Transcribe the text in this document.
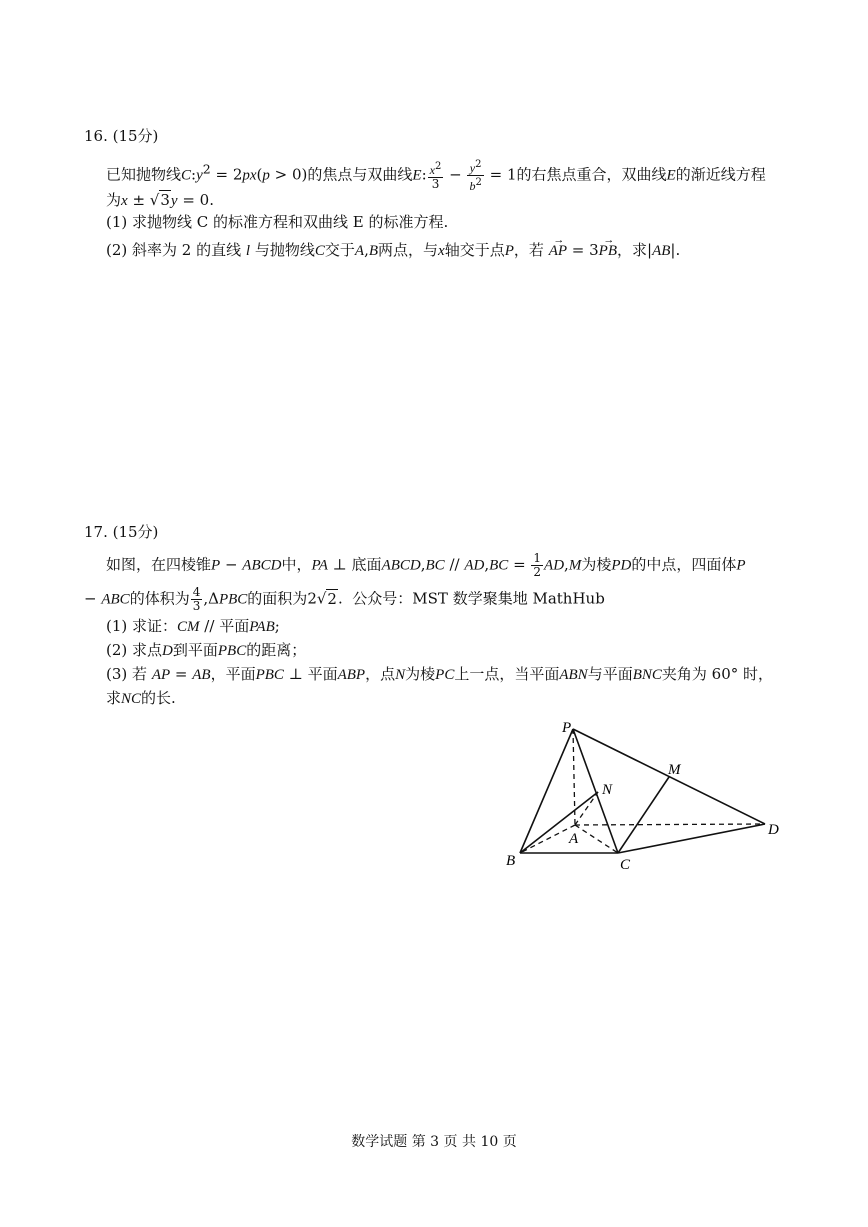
16. (15分)
已知抛物线$C:y^2 = 2px(p > 0)$的焦点与双曲线E: $\frac{x^2}{3} - \frac{y^2}{b^2} = 1$的右焦点重合，双曲线E的渐近线方程
为x ± √3y = 0.
(1) 求抛物线 C 的标准方程和双曲线 E 的标准方程.
(2) 斜率为 2 的直线 l 与抛物线C交于A,B两点，与x轴交于点P，若 → AP = 3→ PB，求|AB|.
17. (15分)
如图，在四棱锥P − ABCD中，PA ⊥ 底面ABCD,BC // $AD,BC = \frac{1}{2} AD,M$为棱PD的中点，四面体P
− ABC的体积为 $\frac{4}{3} ,\Delta PBC$的面积为2√2.  公众号：MST 数学聚集地 MathHub
(1) 求证：CM // 平面PAB;
(2) 求点D到平面PBC的距离；
(3) 若 AP = AB，平面PBC ⊥ 平面ABP，点N为棱PC上一点，当平面ABN与平面BNC夹角为 60° 时，
求NC的长.
P
M
N
A
D
B	C
数学试题 第 3 页 共 10 页
